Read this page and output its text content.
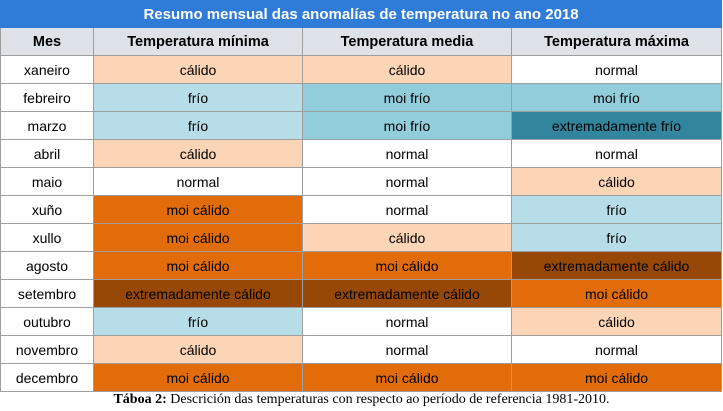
Resumo mensual das anomalías de temperatura no ano 2018			
Mes	Temperatura mínima	Temperatura media	Temperatura máxima
xaneiro	cálido	cálido	normal
febreiro	frío	moi frío	moi frío
marzo	frío	moi frío	extremadamente frío
abril	cálido	normal	normal
maio	normal	normal	cálido
xuño	moi cálido	normal	frío
xullo	moi cálido	cálido	frío
agosto	moi cálido	moi cálido	extremadamente cálido
setembro	extremadamente cálido	extremadamente cálido	moi cálido
outubro	frío	normal	cálido
novembro	cálido	normal	normal
decembro	moi cálido	moi cálido	moi cálido
Táboa 2: Descrición das temperaturas con respecto ao período de referencia 1981-2010.
